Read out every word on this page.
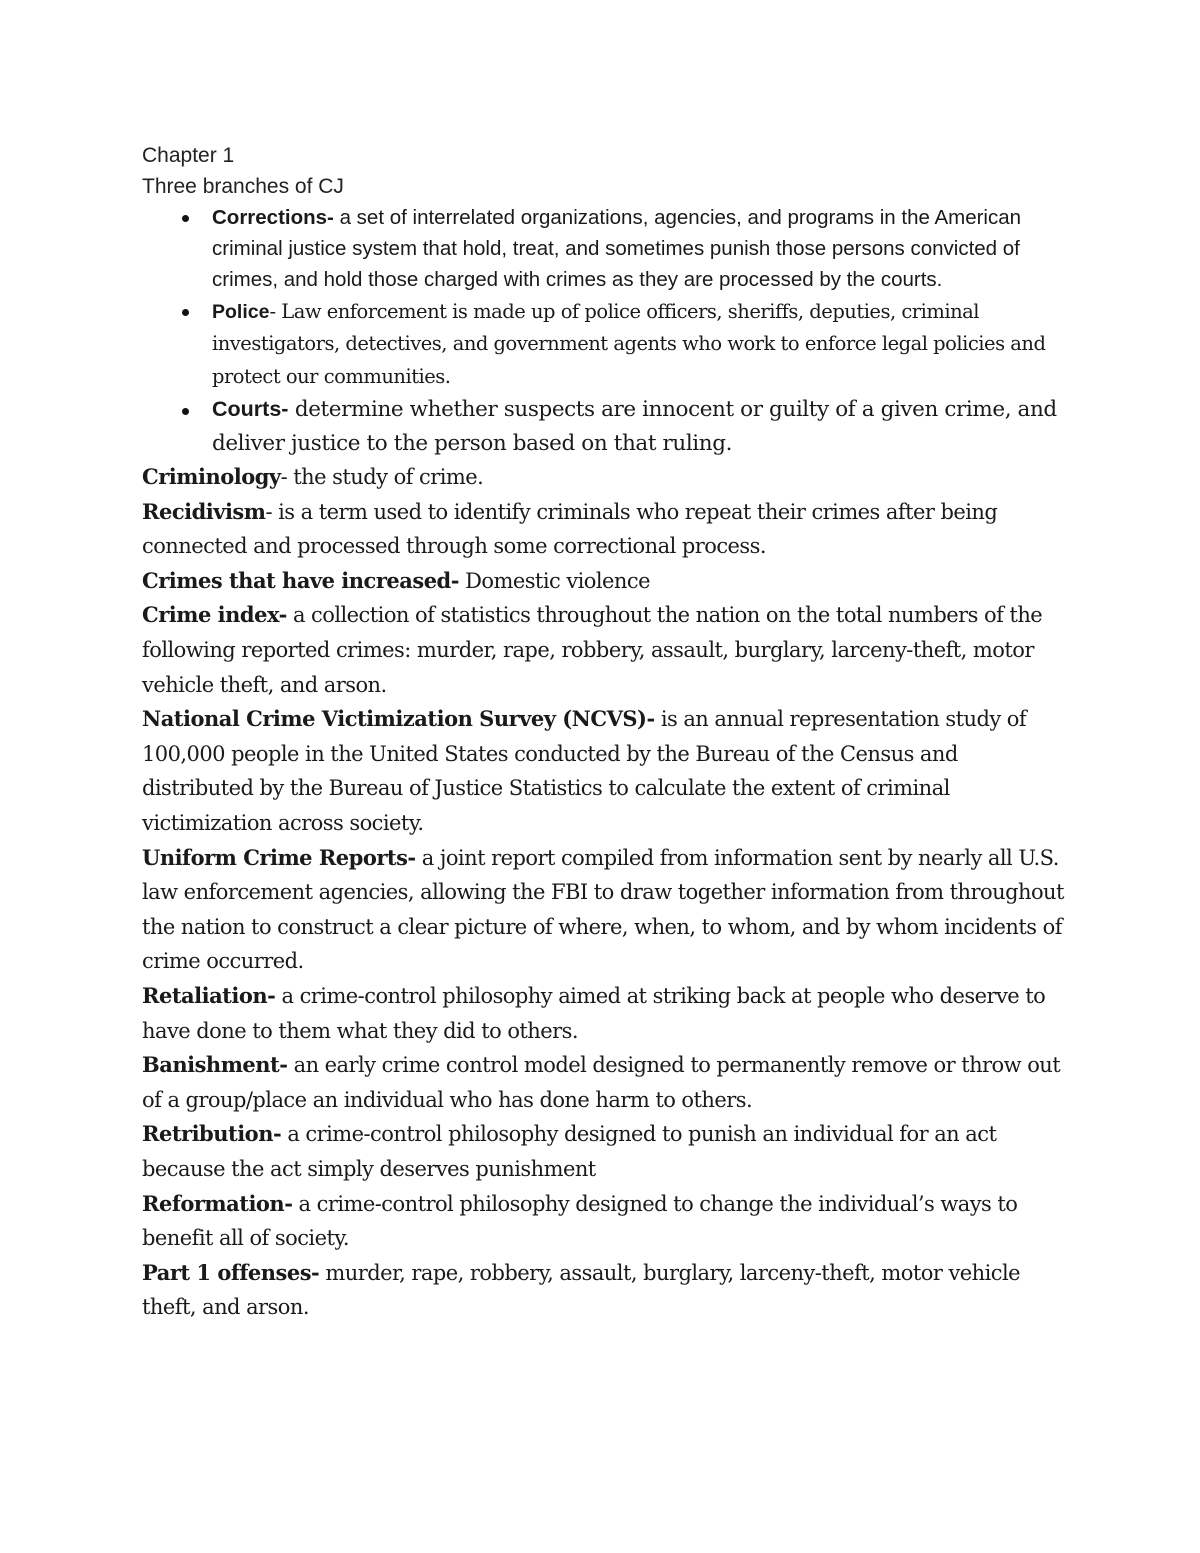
Chapter 1
Three branches of CJ
Corrections- a set of interrelated organizations, agencies, and programs in the American criminal justice system that hold, treat, and sometimes punish those persons convicted of crimes, and hold those charged with crimes as they are processed by the courts.
Police- Law enforcement is made up of police officers, sheriffs, deputies, criminal investigators, detectives, and government agents who work to enforce legal policies and protect our communities.
Courts- determine whether suspects are innocent or guilty of a given crime, and deliver justice to the person based on that ruling.

Criminology- the study of crime.

Recidivism- is a term used to identify criminals who repeat their crimes after being connected and processed through some correctional process.

Crimes that have increased- Domestic violence

Crime index- a collection of statistics throughout the nation on the total numbers of the following reported crimes: murder, rape, robbery, assault, burglary, larceny-theft, motor vehicle theft, and arson.

National Crime Victimization Survey (NCVS)- is an annual representation study of 100,000 people in the United States conducted by the Bureau of the Census and distributed by the Bureau of Justice Statistics to calculate the extent of criminal victimization across society.

Uniform Crime Reports- a joint report compiled from information sent by nearly all U.S. law enforcement agencies, allowing the FBI to draw together information from throughout the nation to construct a clear picture of where, when, to whom, and by whom incidents of crime occurred.

Retaliation- a crime-control philosophy aimed at striking back at people who deserve to have done to them what they did to others.

Banishment- an early crime control model designed to permanently remove or throw out of a group/place an individual who has done harm to others.

Retribution- a crime-control philosophy designed to punish an individual for an act because the act simply deserves punishment

Reformation- a crime-control philosophy designed to change the individual’s ways to benefit all of society.

Part 1 offenses- murder, rape, robbery, assault, burglary, larceny-theft, motor vehicle theft, and arson.
